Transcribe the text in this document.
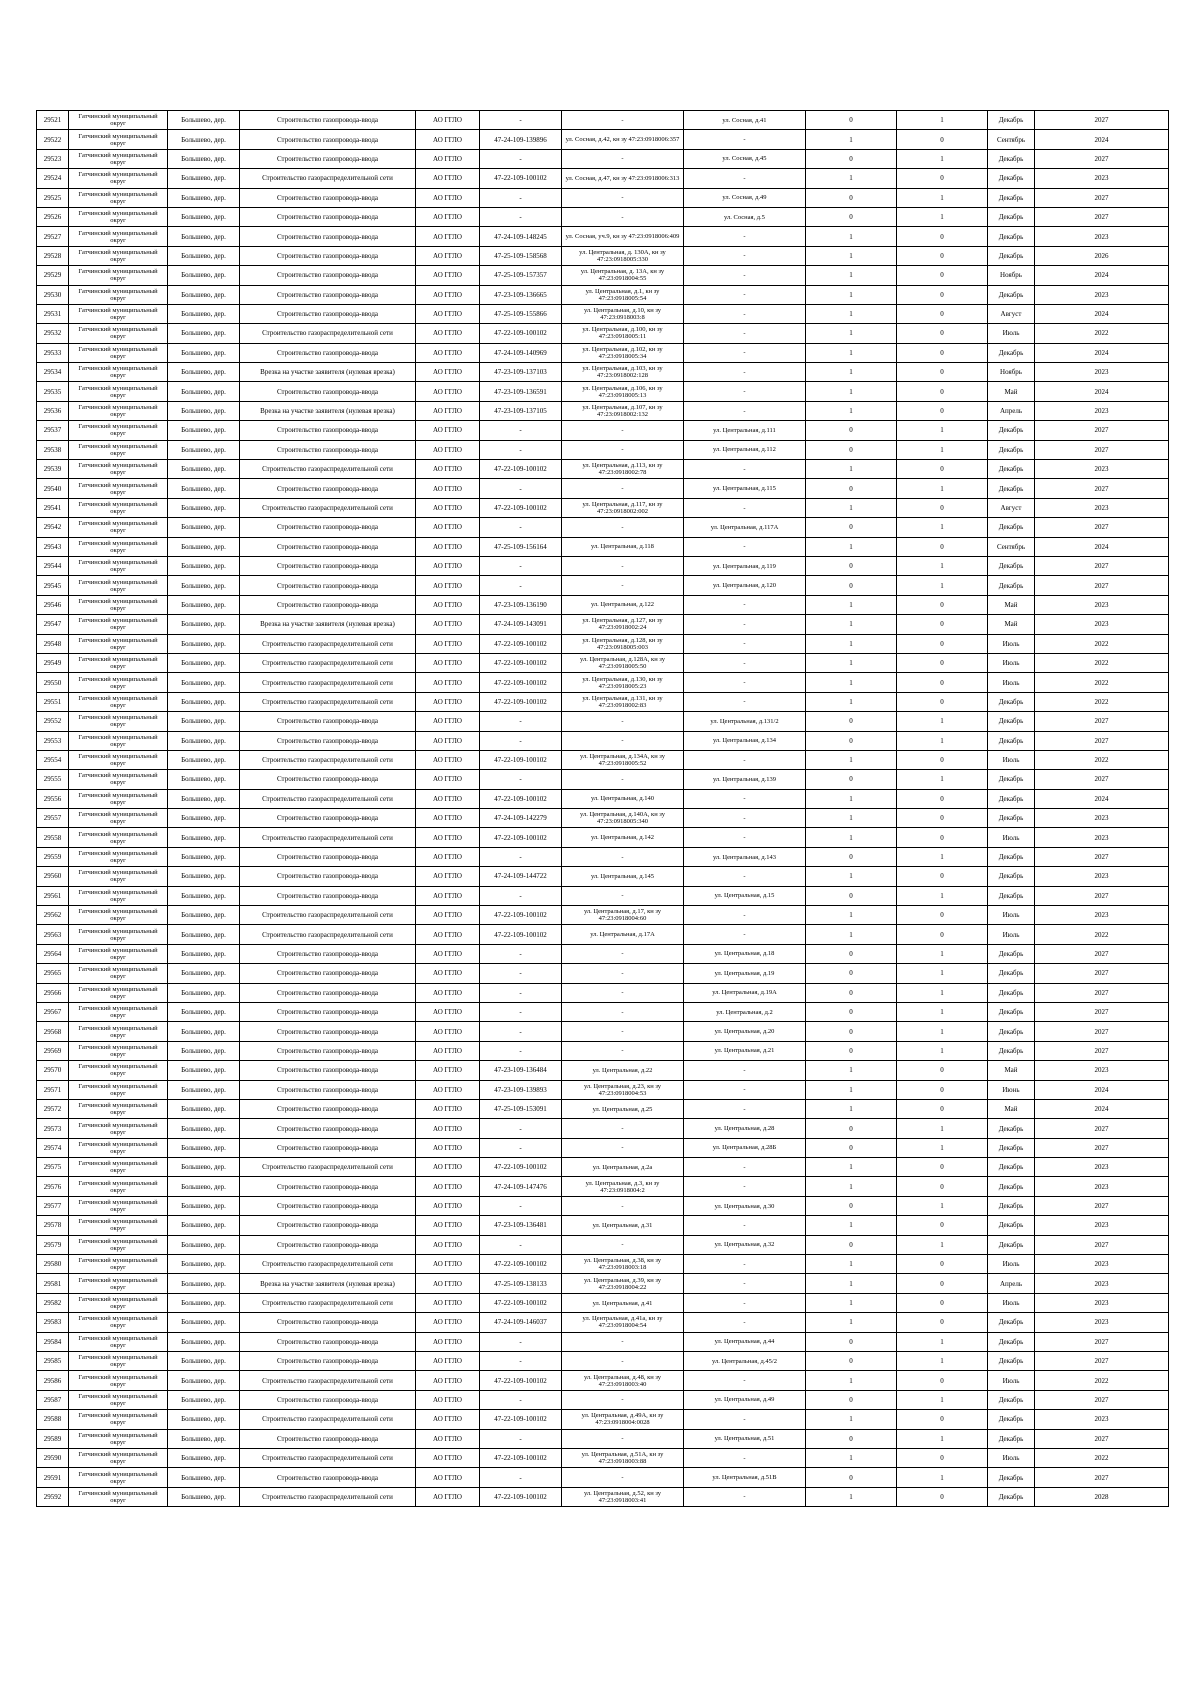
29521	Гатчинский муниципальный округ	Большево, дер.	Строительство газопровода-ввода	АО ГГЛО	-	-	ул. Сосная, д.41	0	1	Декабрь	2027
29522	Гатчинский муниципальный округ	Большево, дер.	Строительство газопровода-ввода	АО ГГЛО	47-24-109-139896	ул. Сосная, д.42, кн зу 47:23:0918006:357	-	1	0	Сентябрь	2024
29523	Гатчинский муниципальный округ	Большево, дер.	Строительство газопровода-ввода	АО ГГЛО	-	-	ул. Сосная, д.45	0	1	Декабрь	2027
29524	Гатчинский муниципальный округ	Большево, дер.	Строительство газораспределительной сети	АО ГГЛО	47-22-109-100102	ул. Сосная, д.47, кн зу 47:23:0918006:313	-	1	0	Декабрь	2023
29525	Гатчинский муниципальный округ	Большево, дер.	Строительство газопровода-ввода	АО ГГЛО	-	-	ул. Сосная, д.49	0	1	Декабрь	2027
29526	Гатчинский муниципальный округ	Большево, дер.	Строительство газопровода-ввода	АО ГГЛО	-	-	ул. Сосная, д.5	0	1	Декабрь	2027
29527	Гатчинский муниципальный округ	Большево, дер.	Строительство газопровода-ввода	АО ГГЛО	47-24-109-148245	ул. Сосная, уч.9, кн зу 47:23:0918006:409	-	1	0	Декабрь	2023
29528	Гатчинский муниципальный округ	Большево, дер.	Строительство газопровода-ввода	АО ГГЛО	47-25-109-158568	ул. Центральная, д. 130А, кн зу 47:23:0918005:330	-	1	0	Декабрь	2026
29529	Гатчинский муниципальный округ	Большево, дер.	Строительство газопровода-ввода	АО ГГЛО	47-25-109-157357	ул. Центральная, д. 13А, кн зу 47:23:0918004:55	-	1	0	Ноябрь	2024
29530	Гатчинский муниципальный округ	Большево, дер.	Строительство газопровода-ввода	АО ГГЛО	47-23-109-136665	ул. Центральная, д.1, кн зу 47:23:0918005:54	-	1	0	Декабрь	2023
29531	Гатчинский муниципальный округ	Большево, дер.	Строительство газопровода-ввода	АО ГГЛО	47-25-109-155866	ул. Центральная, д.10, кн зу 47:23:0918003:8	-	1	0	Август	2024
29532	Гатчинский муниципальный округ	Большево, дер.	Строительство газораспределительной сети	АО ГГЛО	47-22-109-100102	ул. Центральная, д.100, кн зу 47:23:0918005:11	-	1	0	Июль	2022
29533	Гатчинский муниципальный округ	Большево, дер.	Строительство газопровода-ввода	АО ГГЛО	47-24-109-140969	ул. Центральная, д.102, кн зу 47:23:0918005:34	-	1	0	Декабрь	2024
29534	Гатчинский муниципальный округ	Большево, дер.	Врезка на участке заявителя (нулевая врезка)	АО ГГЛО	47-23-109-137103	ул. Центральная, д.103, кн зу 47:23:0918002:128	-	1	0	Ноябрь	2023
29535	Гатчинский муниципальный округ	Большево, дер.	Строительство газопровода-ввода	АО ГГЛО	47-23-109-136591	ул. Центральная, д.106, кн зу 47:23:0918005:13	-	1	0	Май	2024
29536	Гатчинский муниципальный округ	Большево, дер.	Врезка на участке заявителя (нулевая врезка)	АО ГГЛО	47-23-109-137105	ул. Центральная, д.107, кн зу 47:23:0918002:132	-	1	0	Апрель	2023
29537	Гатчинский муниципальный округ	Большево, дер.	Строительство газопровода-ввода	АО ГГЛО	-	-	ул. Центральная, д.111	0	1	Декабрь	2027
29538	Гатчинский муниципальный округ	Большево, дер.	Строительство газопровода-ввода	АО ГГЛО	-	-	ул. Центральная, д.112	0	1	Декабрь	2027
29539	Гатчинский муниципальный округ	Большево, дер.	Строительство газораспределительной сети	АО ГГЛО	47-22-109-100102	ул. Центральная, д.113, кн зу 47:23:0918002:78	-	1	0	Декабрь	2023
29540	Гатчинский муниципальный округ	Большево, дер.	Строительство газопровода-ввода	АО ГГЛО	-	-	ул. Центральная, д.115	0	1	Декабрь	2027
29541	Гатчинский муниципальный округ	Большево, дер.	Строительство газораспределительной сети	АО ГГЛО	47-22-109-100102	ул. Центральная, д.117, кн зу 47:23:0918002:002	-	1	0	Август	2023
29542	Гатчинский муниципальный округ	Большево, дер.	Строительство газопровода-ввода	АО ГГЛО	-	-	ул. Центральная, д.117А	0	1	Декабрь	2027
29543	Гатчинский муниципальный округ	Большево, дер.	Строительство газопровода-ввода	АО ГГЛО	47-25-109-156164	ул. Центральная, д.118	-	1	0	Сентябрь	2024
29544	Гатчинский муниципальный округ	Большево, дер.	Строительство газопровода-ввода	АО ГГЛО	-	-	ул. Центральная, д.119	0	1	Декабрь	2027
29545	Гатчинский муниципальный округ	Большево, дер.	Строительство газопровода-ввода	АО ГГЛО	-	-	ул. Центральная, д.120	0	1	Декабрь	2027
29546	Гатчинский муниципальный округ	Большево, дер.	Строительство газопровода-ввода	АО ГГЛО	47-23-109-136190	ул. Центральная, д.122	-	1	0	Май	2023
29547	Гатчинский муниципальный округ	Большево, дер.	Врезка на участке заявителя (нулевая врезка)	АО ГГЛО	47-24-109-143091	ул. Центральная, д.127, кн зу 47:23:0918002:24	-	1	0	Май	2023
29548	Гатчинский муниципальный округ	Большево, дер.	Строительство газораспределительной сети	АО ГГЛО	47-22-109-100102	ул. Центральная, д.128, кн зу 47:23:0918005:003	-	1	0	Июль	2022
29549	Гатчинский муниципальный округ	Большево, дер.	Строительство газораспределительной сети	АО ГГЛО	47-22-109-100102	ул. Центральная, д.128А, кн зу 47:23:0918005:50	-	1	0	Июль	2022
29550	Гатчинский муниципальный округ	Большево, дер.	Строительство газораспределительной сети	АО ГГЛО	47-22-109-100102	ул. Центральная, д.130, кн зу 47:23:0918005:23	-	1	0	Июль	2022
29551	Гатчинский муниципальный округ	Большево, дер.	Строительство газораспределительной сети	АО ГГЛО	47-22-109-100102	ул. Центральная, д.131, кн зу 47:23:0918002:83	-	1	0	Декабрь	2022
29552	Гатчинский муниципальный округ	Большево, дер.	Строительство газопровода-ввода	АО ГГЛО	-	-	ул. Центральная, д.131/2	0	1	Декабрь	2027
29553	Гатчинский муниципальный округ	Большево, дер.	Строительство газопровода-ввода	АО ГГЛО	-	-	ул. Центральная, д.134	0	1	Декабрь	2027
29554	Гатчинский муниципальный округ	Большево, дер.	Строительство газораспределительной сети	АО ГГЛО	47-22-109-100102	ул. Центральная, д.134А, кн зу 47:23:0918005:52	-	1	0	Июль	2022
29555	Гатчинский муниципальный округ	Большево, дер.	Строительство газопровода-ввода	АО ГГЛО	-	-	ул. Центральная, д.139	0	1	Декабрь	2027
29556	Гатчинский муниципальный округ	Большево, дер.	Строительство газораспределительной сети	АО ГГЛО	47-22-109-100102	ул. Центральная, д.140	-	1	0	Декабрь	2024
29557	Гатчинский муниципальный округ	Большево, дер.	Строительство газопровода-ввода	АО ГГЛО	47-24-109-142279	ул. Центральная, д.140А, кн зу 47:23:0918005:340	-	1	0	Декабрь	2023
29558	Гатчинский муниципальный округ	Большево, дер.	Строительство газораспределительной сети	АО ГГЛО	47-22-109-100102	ул. Центральная, д.142	-	1	0	Июль	2023
29559	Гатчинский муниципальный округ	Большево, дер.	Строительство газопровода-ввода	АО ГГЛО	-	-	ул. Центральная, д.143	0	1	Декабрь	2027
29560	Гатчинский муниципальный округ	Большево, дер.	Строительство газопровода-ввода	АО ГГЛО	47-24-109-144722	ул. Центральная, д.145	-	1	0	Декабрь	2023
29561	Гатчинский муниципальный округ	Большево, дер.	Строительство газопровода-ввода	АО ГГЛО	-	-	ул. Центральная, д.15	0	1	Декабрь	2027
29562	Гатчинский муниципальный округ	Большево, дер.	Строительство газораспределительной сети	АО ГГЛО	47-22-109-100102	ул. Центральная, д.17, кн зу 47:23:0918004:60	-	1	0	Июль	2023
29563	Гатчинский муниципальный округ	Большево, дер.	Строительство газораспределительной сети	АО ГГЛО	47-22-109-100102	ул. Центральная, д.17А	-	1	0	Июль	2022
29564	Гатчинский муниципальный округ	Большево, дер.	Строительство газопровода-ввода	АО ГГЛО	-	-	ул. Центральная, д.18	0	1	Декабрь	2027
29565	Гатчинский муниципальный округ	Большево, дер.	Строительство газопровода-ввода	АО ГГЛО	-	-	ул. Центральная, д.19	0	1	Декабрь	2027
29566	Гатчинский муниципальный округ	Большево, дер.	Строительство газопровода-ввода	АО ГГЛО	-	-	ул. Центральная, д.19А	0	1	Декабрь	2027
29567	Гатчинский муниципальный округ	Большево, дер.	Строительство газопровода-ввода	АО ГГЛО	-	-	ул. Центральная, д.2	0	1	Декабрь	2027
29568	Гатчинский муниципальный округ	Большево, дер.	Строительство газопровода-ввода	АО ГГЛО	-	-	ул. Центральная, д.20	0	1	Декабрь	2027
29569	Гатчинский муниципальный округ	Большево, дер.	Строительство газопровода-ввода	АО ГГЛО	-	-	ул. Центральная, д.21	0	1	Декабрь	2027
29570	Гатчинский муниципальный округ	Большево, дер.	Строительство газопровода-ввода	АО ГГЛО	47-23-109-136484	ул. Центральная, д.22	-	1	0	Май	2023
29571	Гатчинский муниципальный округ	Большево, дер.	Строительство газопровода-ввода	АО ГГЛО	47-23-109-139893	ул. Центральная, д.23, кн зу 47:23:0918004:53	-	1	0	Июнь	2024
29572	Гатчинский муниципальный округ	Большево, дер.	Строительство газопровода-ввода	АО ГГЛО	47-25-109-153091	ул. Центральная, д.25	-	1	0	Май	2024
29573	Гатчинский муниципальный округ	Большево, дер.	Строительство газопровода-ввода	АО ГГЛО	-	-	ул. Центральная, д.28	0	1	Декабрь	2027
29574	Гатчинский муниципальный округ	Большево, дер.	Строительство газопровода-ввода	АО ГГЛО	-	-	ул. Центральная, д.28Б	0	1	Декабрь	2027
29575	Гатчинский муниципальный округ	Большево, дер.	Строительство газораспределительной сети	АО ГГЛО	47-22-109-100102	ул. Центральная, д.2а	-	1	0	Декабрь	2023
29576	Гатчинский муниципальный округ	Большево, дер.	Строительство газопровода-ввода	АО ГГЛО	47-24-109-147476	ул. Центральная, д.3, кн зу 47:23:0918004:2	-	1	0	Декабрь	2023
29577	Гатчинский муниципальный округ	Большево, дер.	Строительство газопровода-ввода	АО ГГЛО	-	-	ул. Центральная, д.30	0	1	Декабрь	2027
29578	Гатчинский муниципальный округ	Большево, дер.	Строительство газопровода-ввода	АО ГГЛО	47-23-109-136481	ул. Центральная, д.31	-	1	0	Декабрь	2023
29579	Гатчинский муниципальный округ	Большево, дер.	Строительство газопровода-ввода	АО ГГЛО	-	-	ул. Центральная, д.32	0	1	Декабрь	2027
29580	Гатчинский муниципальный округ	Большево, дер.	Строительство газораспределительной сети	АО ГГЛО	47-22-109-100102	ул. Центральная, д.38, кн зу 47:23:0918003:18	-	1	0	Июль	2023
29581	Гатчинский муниципальный округ	Большево, дер.	Врезка на участке заявителя (нулевая врезка)	АО ГГЛО	47-25-109-138133	ул. Центральная, д.39, кн зу 47:23:0918004:22	-	1	0	Апрель	2023
29582	Гатчинский муниципальный округ	Большево, дер.	Строительство газораспределительной сети	АО ГГЛО	47-22-109-100102	ул. Центральная, д.41	-	1	0	Июль	2023
29583	Гатчинский муниципальный округ	Большево, дер.	Строительство газопровода-ввода	АО ГГЛО	47-24-109-146037	ул. Центральная, д.41а, кн зу 47:23:0918004:54	-	1	0	Декабрь	2023
29584	Гатчинский муниципальный округ	Большево, дер.	Строительство газопровода-ввода	АО ГГЛО	-	-	ул. Центральная, д.44	0	1	Декабрь	2027
29585	Гатчинский муниципальный округ	Большево, дер.	Строительство газопровода-ввода	АО ГГЛО	-	-	ул. Центральная, д.45/2	0	1	Декабрь	2027
29586	Гатчинский муниципальный округ	Большево, дер.	Строительство газораспределительной сети	АО ГГЛО	47-22-109-100102	ул. Центральная, д.48, кн зу 47:23:0918003:40	-	1	0	Июль	2022
29587	Гатчинский муниципальный округ	Большево, дер.	Строительство газопровода-ввода	АО ГГЛО	-	-	ул. Центральная, д.49	0	1	Декабрь	2027
29588	Гатчинский муниципальный округ	Большево, дер.	Строительство газораспределительной сети	АО ГГЛО	47-22-109-100102	ул. Центральная, д.49А, кн зу 47:23:0918004:0028	-	1	0	Декабрь	2023
29589	Гатчинский муниципальный округ	Большево, дер.	Строительство газопровода-ввода	АО ГГЛО	-	-	ул. Центральная, д.51	0	1	Декабрь	2027
29590	Гатчинский муниципальный округ	Большево, дер.	Строительство газораспределительной сети	АО ГГЛО	47-22-109-100102	ул. Центральная, д.51А, кн зу 47:23:0918003:88	-	1	0	Июль	2022
29591	Гатчинский муниципальный округ	Большево, дер.	Строительство газопровода-ввода	АО ГГЛО	-	-	ул. Центральная, д.51В	0	1	Декабрь	2027
29592	Гатчинский муниципальный округ	Большево, дер.	Строительство газораспределительной сети	АО ГГЛО	47-22-109-100102	ул. Центральная, д.52, кн зу 47:23:0918003:41	-	1	0	Декабрь	2028
